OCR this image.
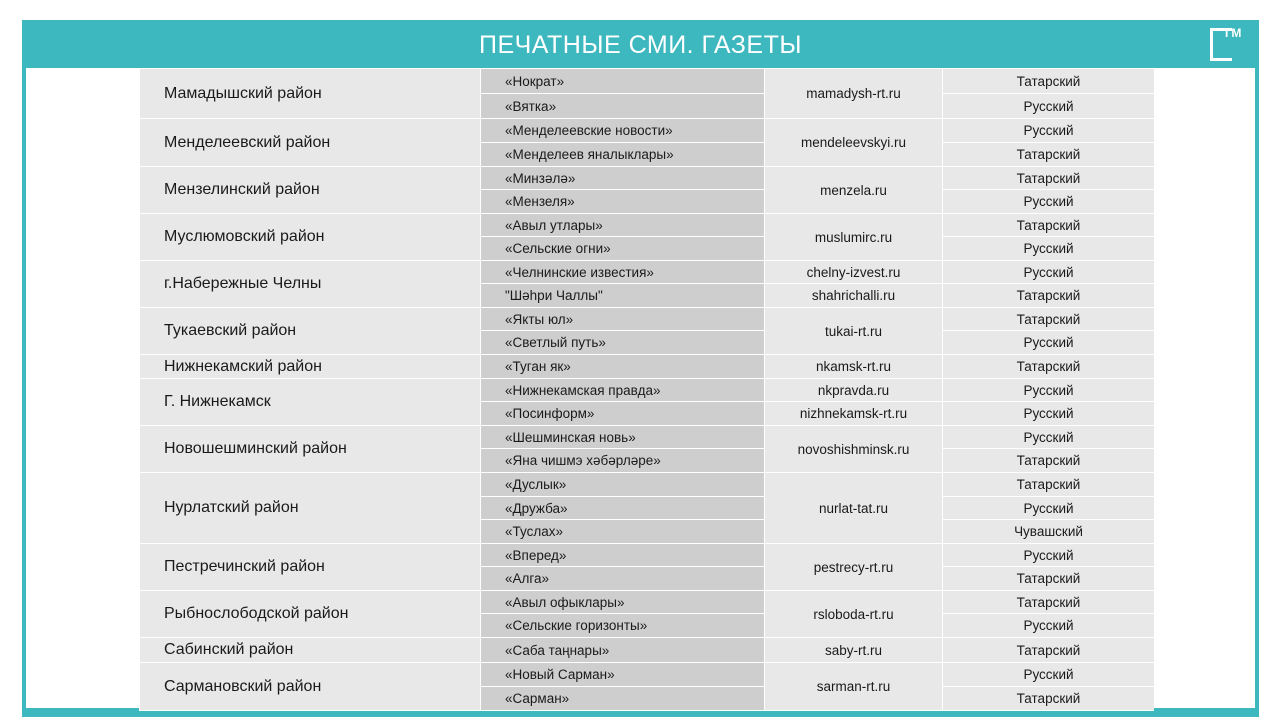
ПЕЧАТНЫЕ СМИ. ГАЗЕТЫ	TM
Мамадышский район	«Нократ»	mamadysh-rt.ru	Татарский
	«Вятка»		Русский
Менделеевский район	«Менделеевские новости»	mendeleevskyi.ru	Русский
	«Менделеев яналыклары»		Татарский
Мензелинский район	«Минзәлә»	menzela.ru	Татарский
	«Мензеля»		Русский
Муслюмовский район	«Авыл утлары»	muslumirc.ru	Татарский
	«Сельские огни»		Русский
г.Набережные Челны	«Челнинские известия»	chelny-izvest.ru	Русский
	"Шәһри Чаллы"	shahrichalli.ru	Татарский
Тукаевский район	«Якты юл»	tukai-rt.ru	Татарский
	«Светлый путь»		Русский
Нижнекамский район	«Туган як»	nkamsk-rt.ru	Татарский
Г. Нижнекамск	«Нижнекамская правда»	nkpravda.ru	Русский
	«Посинформ»	nizhnekamsk-rt.ru	Русский
Новошешминский район	«Шешминская новь»	novoshishminsk.ru	Русский
	«Яна чишмэ хәбәрләре»		Татарский
Нурлатский район	«Дуслык»	nurlat-tat.ru	Татарский
	«Дружба»		Русский
	«Туслах»		Чувашский
Пестречинский район	«Вперед»	pestrecy-rt.ru	Русский
	«Алга»		Татарский
Рыбнослободской район	«Авыл офыклары»	rsloboda-rt.ru	Татарский
	«Сельские горизонты»		Русский
Сабинский район	«Саба таңнары»	saby-rt.ru	Татарский
Сармановский район	«Новый Сарман»	sarman-rt.ru	Русский
	«Сарман»		Татарский
